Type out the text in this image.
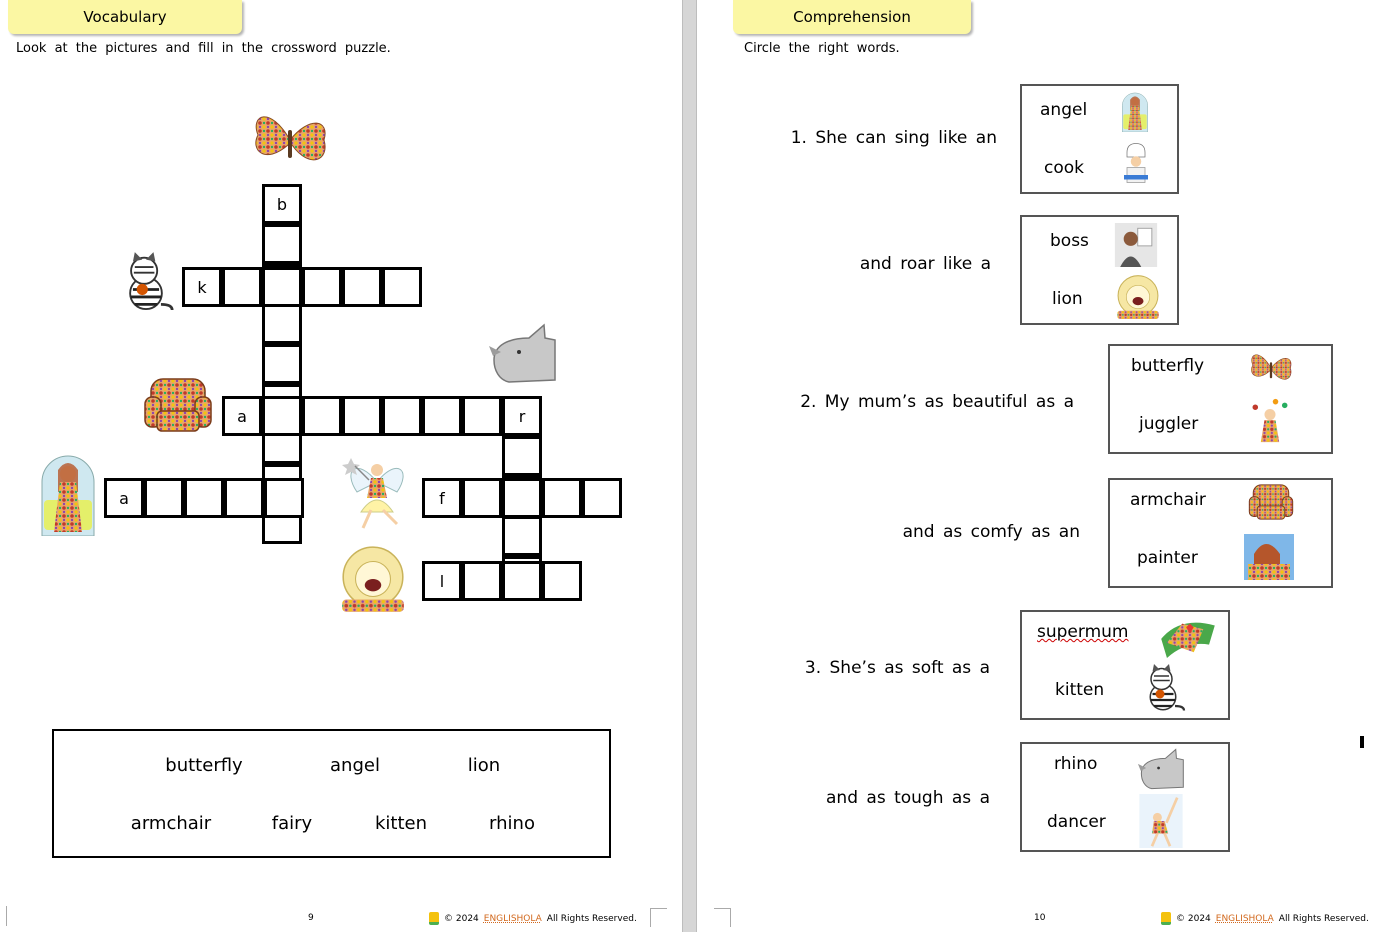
Vocabulary
Look at the pictures and fill in the crossword puzzle.
b
k
a	r
a	f
l
butterfly	angel	lion
armchair	fairy	kitten	rhino
9	© 2024 ENGLISHOLA All Rights Reserved.
Comprehension
Circle the right words.
1. She can sing like an
angel
cook
and roar like a
boss
lion
2. My mum’s as beautiful as a
butterfly
juggler
and as comfy as an
armchair
painter
3. She’s as soft as a
supermum
kitten
and as tough as a
rhino
dancer
10	© 2024 ENGLISHOLA All Rights Reserved.
